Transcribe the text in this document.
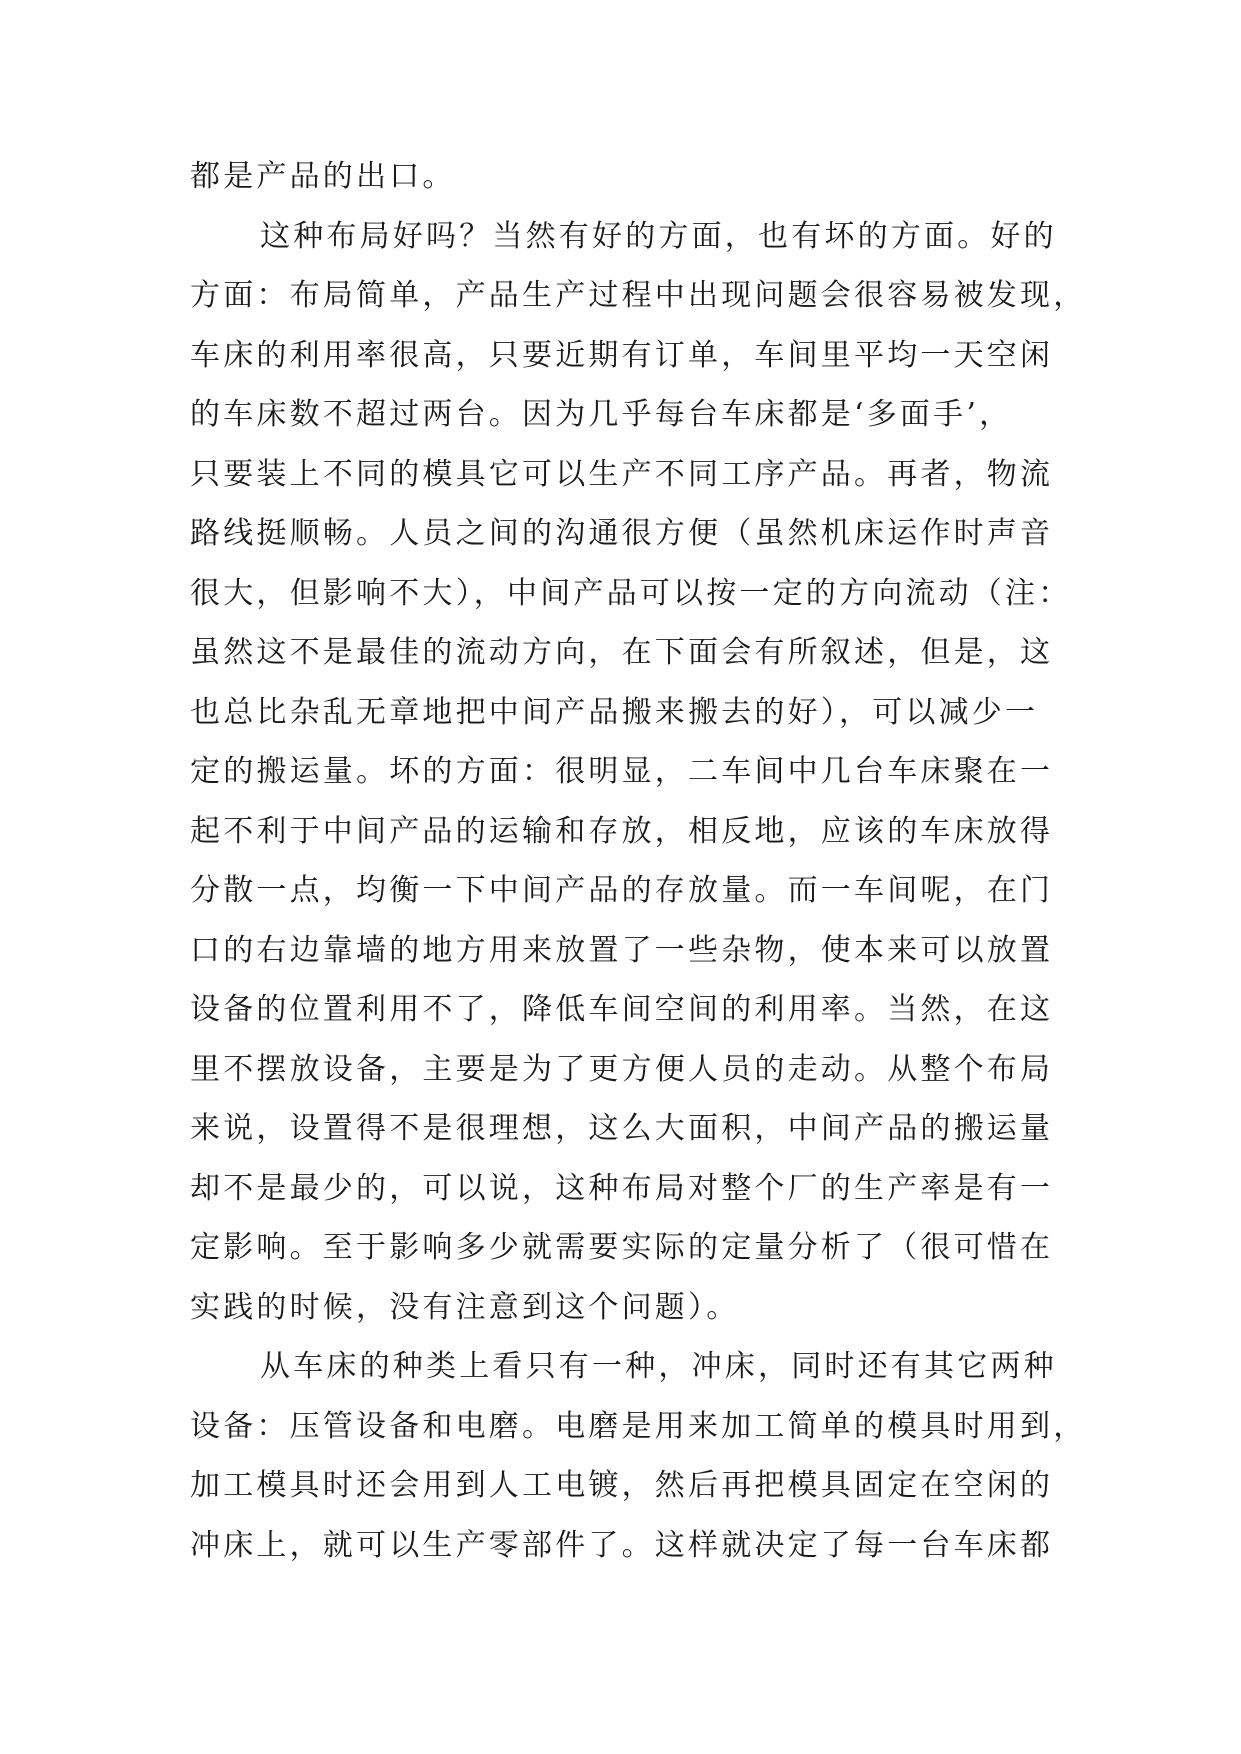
都是产品的出口。
这种布局好吗？当然有好的方面，也有坏的方面。好的
方面：布局简单，产品生产过程中出现问题会很容易被发现，
车床的利用率很高，只要近期有订单，车间里平均一天空闲
的车床数不超过两台。因为几乎每台车床都是‘多面手’，
只要装上不同的模具它可以生产不同工序产品。再者，物流
路线挺顺畅。人员之间的沟通很方便（虽然机床运作时声音
很大，但影响不大），中间产品可以按一定的方向流动（注：
虽然这不是最佳的流动方向，在下面会有所叙述，但是，这
也总比杂乱无章地把中间产品搬来搬去的好），可以减少一
定的搬运量。坏的方面：很明显，二车间中几台车床聚在一
起不利于中间产品的运输和存放，相反地，应该的车床放得
分散一点，均衡一下中间产品的存放量。而一车间呢，在门
口的右边靠墙的地方用来放置了一些杂物，使本来可以放置
设备的位置利用不了，降低车间空间的利用率。当然，在这
里不摆放设备，主要是为了更方便人员的走动。从整个布局
来说，设置得不是很理想，这么大面积，中间产品的搬运量
却不是最少的，可以说，这种布局对整个厂的生产率是有一
定影响。至于影响多少就需要实际的定量分析了（很可惜在
实践的时候，没有注意到这个问题）。
从车床的种类上看只有一种，冲床，同时还有其它两种
设备：压管设备和电磨。电磨是用来加工简单的模具时用到，
加工模具时还会用到人工电镀，然后再把模具固定在空闲的
冲床上，就可以生产零部件了。这样就决定了每一台车床都
